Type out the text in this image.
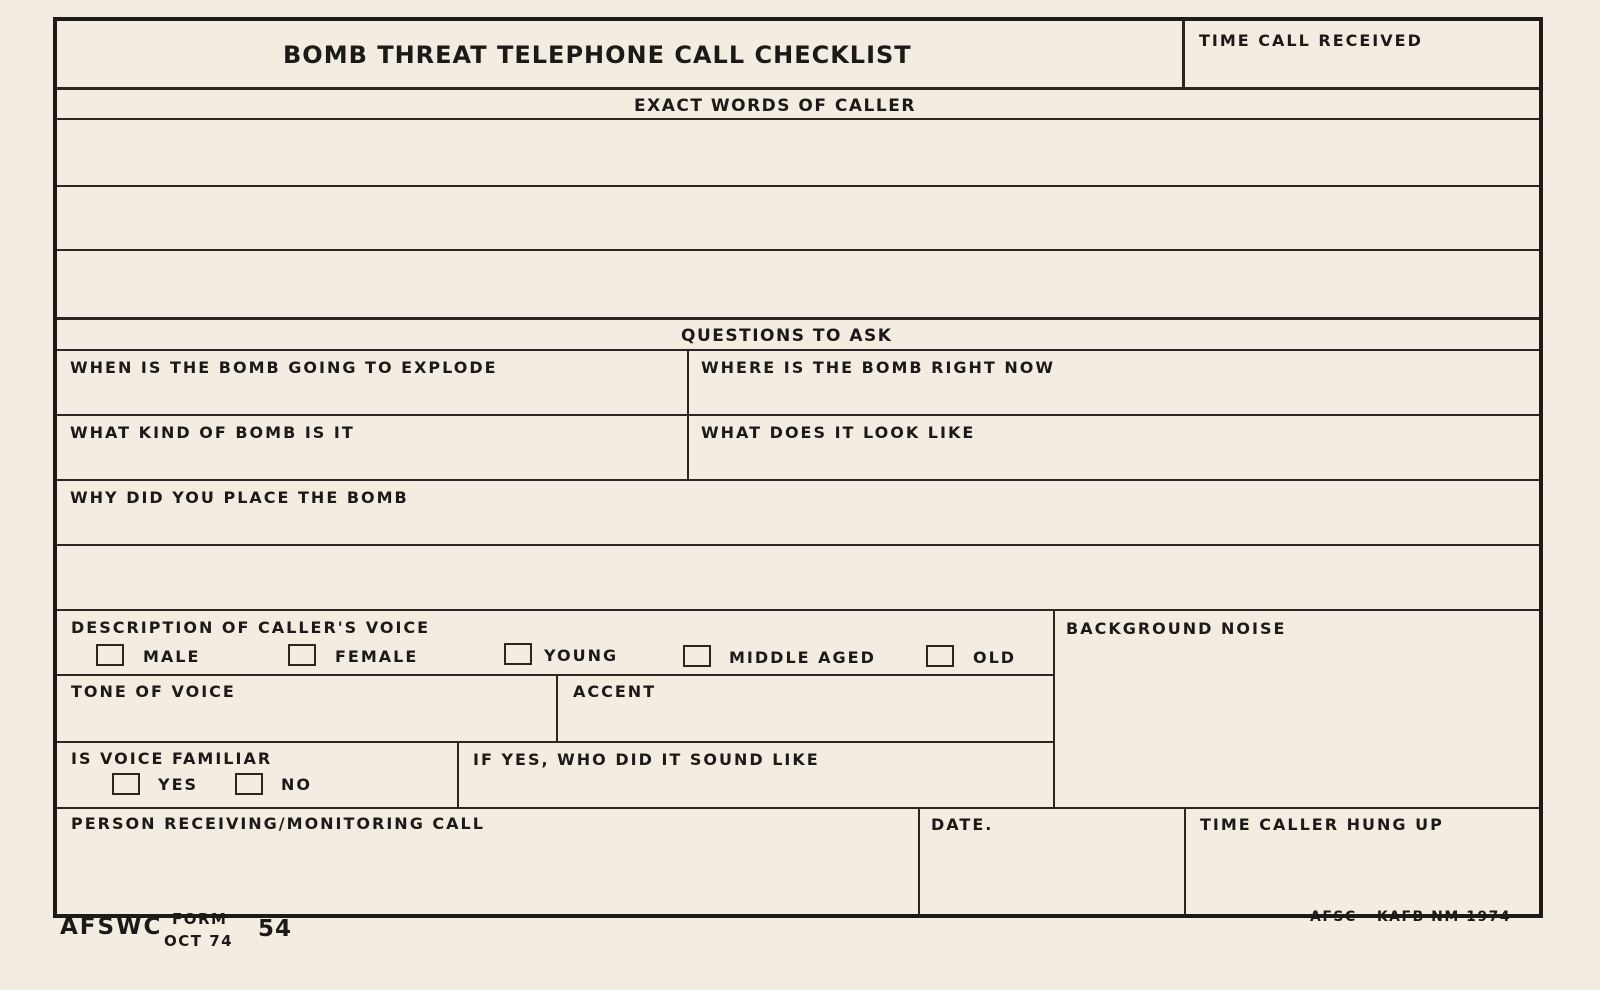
BOMB THREAT TELEPHONE CALL CHECKLIST
TIME CALL RECEIVED
EXACT WORDS OF CALLER
QUESTIONS TO ASK
WHEN IS THE BOMB GOING TO EXPLODE	WHERE IS THE BOMB RIGHT NOW
WHAT KIND OF BOMB IS IT	WHAT DOES IT LOOK LIKE
WHY DID YOU PLACE THE BOMB
DESCRIPTION OF CALLER'S VOICE	BACKGROUND NOISE
MALE	FEMALE	YOUNG	MIDDLE AGED	OLD
TONE OF VOICE	ACCENT
IS VOICE FAMILIAR
YES	NO
IF YES, WHO DID IT SOUND LIKE
PERSON RECEIVING/MONITORING CALL	DATE.	TIME CALLER HUNG UP
AFSWC FORM
OCT 74 54	AFSC - KAFB NM 1974
